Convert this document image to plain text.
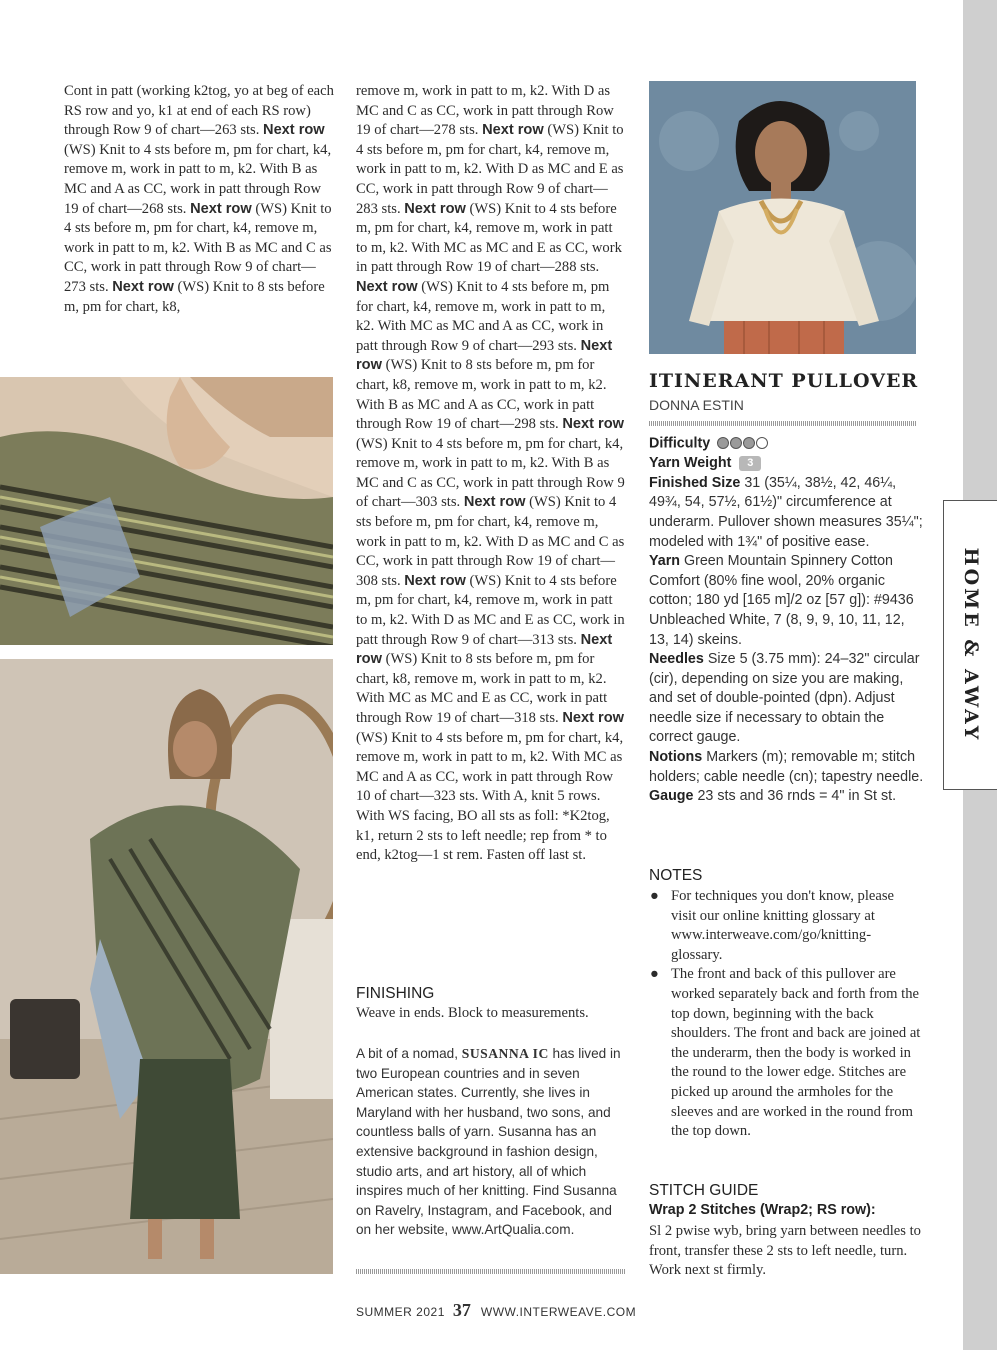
HOME & AWAY
Cont in patt (working k2tog, yo at beg of each RS row and yo, k1 at end of each RS row) through Row 9 of chart—263 sts. Next row (WS) Knit to 4 sts before m, pm for chart, k4, remove m, work in patt to m, k2. With B as MC and A as CC, work in patt through Row 19 of chart—268 sts. Next row (WS) Knit to 4 sts before m, pm for chart, k4, remove m, work in patt to m, k2. With B as MC and C as CC, work in patt through Row 9 of chart—273 sts. Next row (WS) Knit to 8 sts before m, pm for chart, k8,
remove m, work in patt to m, k2. With D as MC and C as CC, work in patt through Row 19 of chart—278 sts. Next row (WS) Knit to 4 sts before m, pm for chart, k4, remove m, work in patt to m, k2. With D as MC and E as CC, work in patt through Row 9 of chart—283 sts. Next row (WS) Knit to 4 sts before m, pm for chart, k4, remove m, work in patt to m, k2. With MC as MC and E as CC, work in patt through Row 19 of chart—288 sts. Next row (WS) Knit to 4 sts before m, pm for chart, k4, remove m, work in patt to m, k2. With MC as MC and A as CC, work in patt through Row 9 of chart—293 sts. Next row (WS) Knit to 8 sts before m, pm for chart, k8, remove m, work in patt to m, k2. With B as MC and A as CC, work in patt through Row 19 of chart—298 sts. Next row (WS) Knit to 4 sts before m, pm for chart, k4, remove m, work in patt to m, k2. With B as MC and C as CC, work in patt through Row 9 of chart—303 sts. Next row (WS) Knit to 4 sts before m, pm for chart, k4, remove m, work in patt to m, k2. With D as MC and C as CC, work in patt through Row 19 of chart—308 sts. Next row (WS) Knit to 4 sts before m, pm for chart, k4, remove m, work in patt to m, k2. With D as MC and E as CC, work in patt through Row 9 of chart—313 sts. Next row (WS) Knit to 8 sts before m, pm for chart, k8, remove m, work in patt to m, k2. With MC as MC and E as CC, work in patt through Row 19 of chart—318 sts. Next row (WS) Knit to 4 sts before m, pm for chart, k4, remove m, work in patt to m, k2. With MC as MC and A as CC, work in patt through Row 10 of chart—323 sts. With A, knit 5 rows. With WS facing, BO all sts as foll: *K2tog, k1, return 2 sts to left needle; rep from * to end, k2tog—1 st rem. Fasten off last st.
FINISHING
Weave in ends. Block to measurements.
A bit of a nomad, SUSANNA IC has lived in two European countries and in seven American states. Currently, she lives in Maryland with her husband, two sons, and countless balls of yarn. Susanna has an extensive background in fashion design, studio arts, and art history, all of which inspires much of her knitting. Find Susanna on Ravelry, Instagram, and Facebook, and on her website, www.ArtQualia.com.
ITINERANT PULLOVER
DONNA ESTIN
Difficulty
Yarn Weight 3
Finished Size 31 (35¼, 38½, 42, 46¼, 49¾, 54, 57½, 61½)" circumference at underarm. Pullover shown measures 35¼"; modeled with 1¾" of positive ease.
Yarn Green Mountain Spinnery Cotton Comfort (80% fine wool, 20% organic cotton; 180 yd [165 m]/2 oz [57 g]): #9436 Unbleached White, 7 (8, 9, 9, 10, 11, 12, 13, 14) skeins.
Needles Size 5 (3.75 mm): 24–32" circular (cir), depending on size you are making, and set of double-pointed (dpn). Adjust needle size if necessary to obtain the correct gauge.
Notions Markers (m); removable m; stitch holders; cable needle (cn); tapestry needle.
Gauge 23 sts and 36 rnds = 4" in St st.
NOTES
● For techniques you don't know, please visit our online knitting glossary at www.interweave.com/go/knitting-glossary.
● The front and back of this pullover are worked separately back and forth from the top down, beginning with the back shoulders. The front and back are joined at the underarm, then the body is worked in the round to the lower edge. Stitches are picked up around the armholes for the sleeves and are worked in the round from the top down.
STITCH GUIDE
Wrap 2 Stitches (Wrap2; RS row):
Sl 2 pwise wyb, bring yarn between needles to front, transfer these 2 sts to left needle, turn. Work next st firmly.
SUMMER 2021 37 WWW.INTERWEAVE.COM
